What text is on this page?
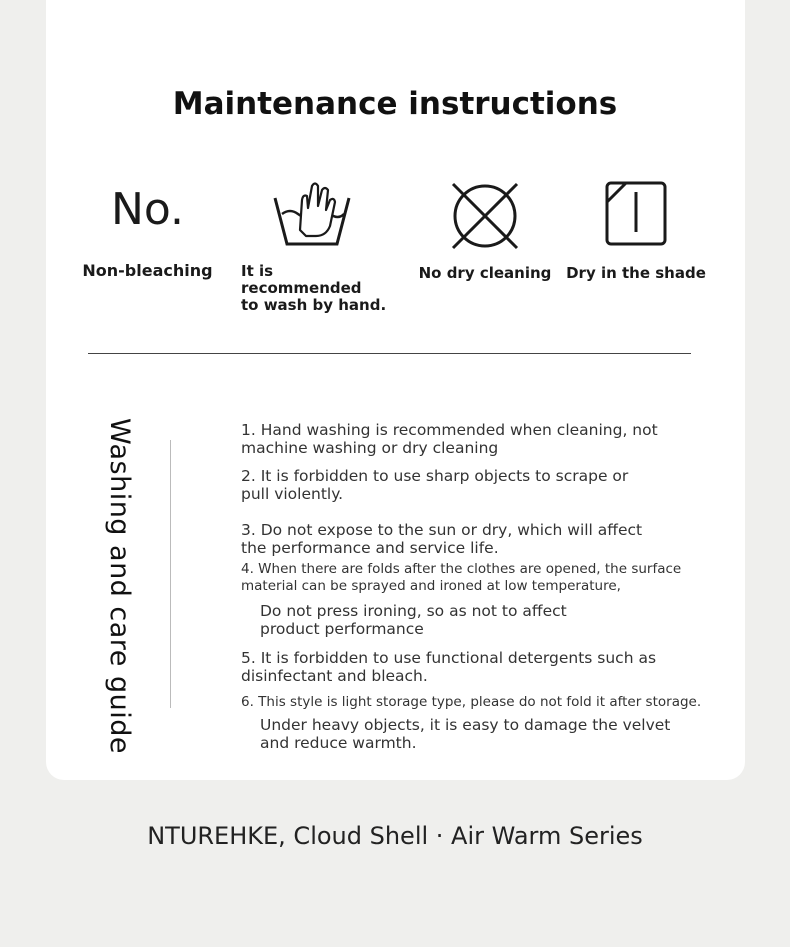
Maintenance instructions
No.
Non-bleaching It is recommended
to wash by hand.
No dry cleaning Dry in the shade
Washing and care guide	1. Hand washing is recommended when cleaning, not
machine washing or dry cleaning
2. It is forbidden to use sharp objects to scrape or
pull violently.
3. Do not expose to the sun or dry, which will affect
the performance and service life.
4. When there are folds after the clothes are opened, the surface
material can be sprayed and ironed at low temperature,
Do not press ironing, so as not to affect
product performance
5. It is forbidden to use functional detergents such as
disinfectant and bleach.
6. This style is light storage type, please do not fold it after storage.
Under heavy objects, it is easy to damage the velvet
and reduce warmth.
NTUREHKE, Cloud Shell · Air Warm Series
